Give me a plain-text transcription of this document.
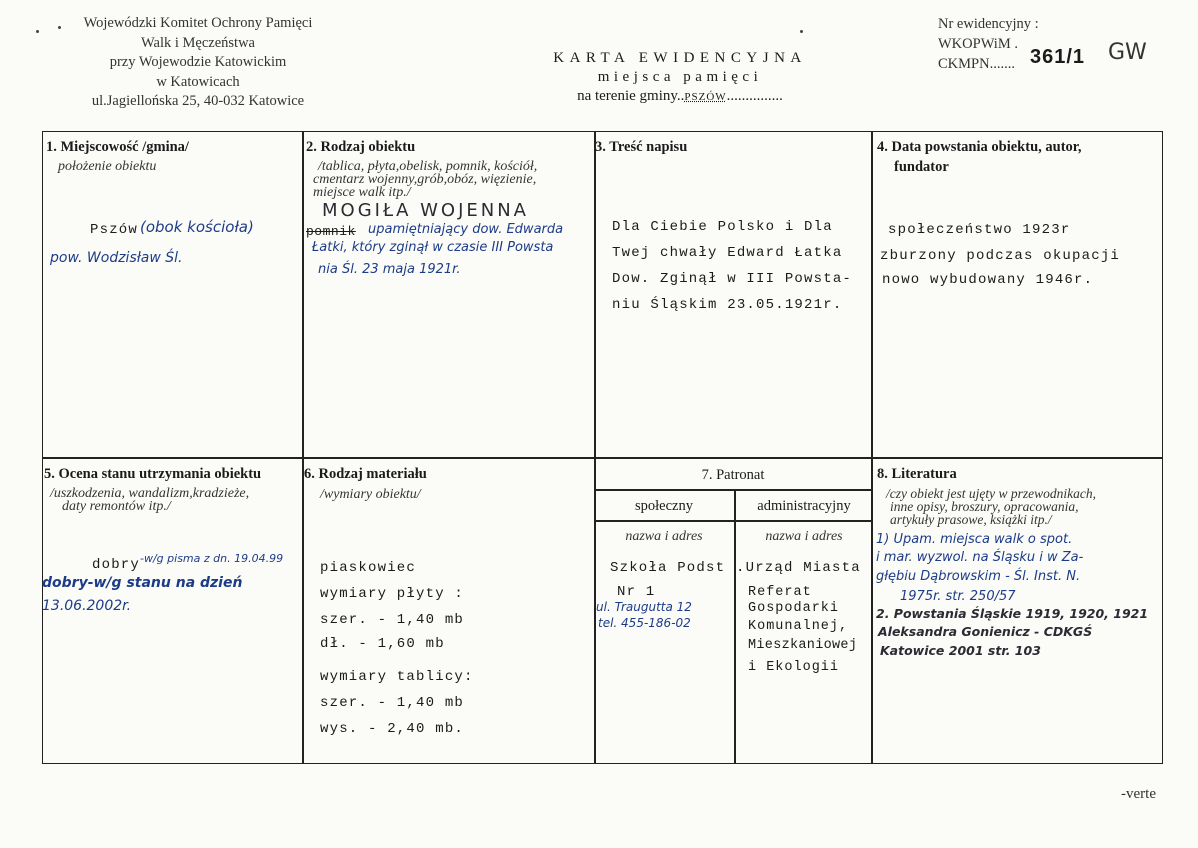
Wojewódzki Komitet Ochrony Pamięci
Walk i Męczeństwa
przy Wojewodzie Katowickim
w Katowicach
ul.Jagiellońska 25, 40-032 Katowice
KARTA EWIDENCYJNA
miejsca pamięci
na terenie gminy..PSZÓW...............
Nr ewidencyjny :
WKOPWiM .
CKMPN....... 361/1 GW
1. Miejscowość /gmina/
położenie obiektu
Pszów (obok kościoła)
pow. Wodzisław Śl.
2. Rodzaj obiektu
/tablica, płyta,obelisk, pomnik, kościół,
cmentarz wojenny,grób,obóz, więzienie,
miejsce walk itp./
MOGIŁA WOJENNA
pomnik upamiętniający dow. Edwarda
Łatki, który zginął w czasie III Powsta
nia Śl. 23 maja 1921r.
3. Treść napisu
Dla Ciebie Polsko i Dla
Twej chwały Edward Łatka
Dow. Zginął w III Powsta-
niu Śląskim 23.05.1921r.
4. Data powstania obiektu, autor,
fundator
społeczeństwo 1923r
zburzony podczas okupacji
nowo wybudowany 1946r.
5. Ocena stanu utrzymania obiektu
/uszkodzenia, wandalizm,kradzieże,
daty remontów itp./
dobry -w/g pisma z dn. 19.04.99
dobry-w/g stanu na dzień
13.06.2002r.
6. Rodzaj materiału
/wymiary obiektu/
piaskowiec
wymiary płyty :
szer. - 1,40 mb
dł. - 1,60 mb
wymiary tablicy:
szer. - 1,40 mb
wys. - 2,40 mb.
7. Patronat
społeczny	administracyjny
nazwa i adres	nazwa i adres
Szkoła Podst
Nr 1
ul. Traugutta 12
tel. 455-186-02
.Urząd Miasta
Referat
Gospodarki
Komunalnej,
Mieszkaniowej
i Ekologii
8. Literatura
/czy obiekt jest ujęty w przewodnikach,
inne opisy, broszury, opracowania,
artykuły prasowe, książki itp./
1) Upam. miejsca walk o spot.
i mar. wyzwol. na Śląsku i w Za-
głębiu Dąbrowskim - Śl. Inst. N.
1975r. str. 250/57
2. Powstania Śląskie 1919, 1920, 1921
Aleksandra Gonienicz - CDKGŚ
Katowice 2001 str. 103
-verte
